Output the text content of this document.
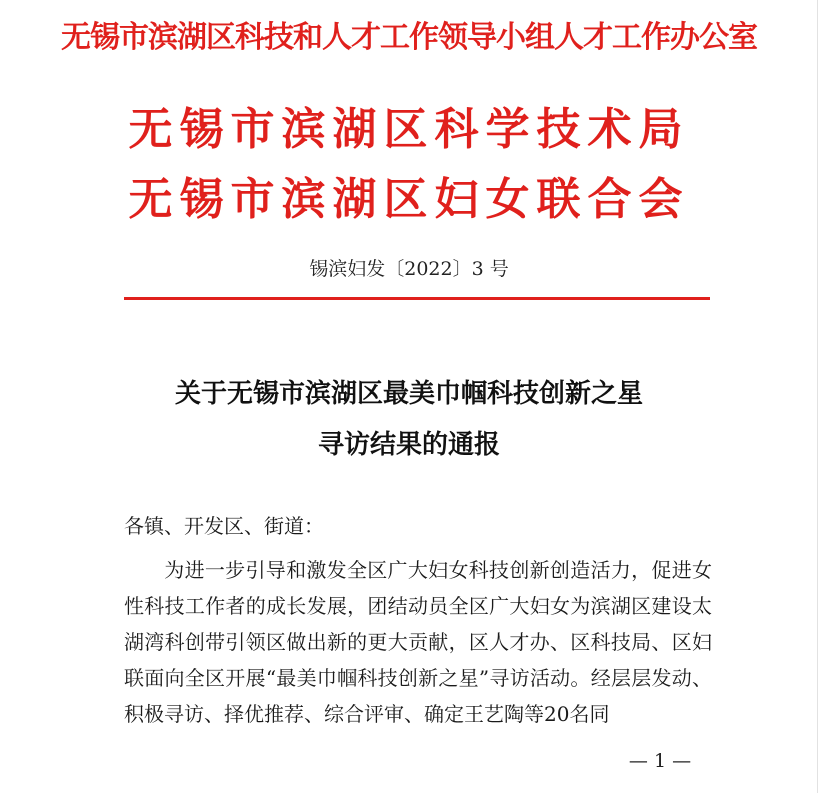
无锡市滨湖区科技和人才工作领导小组人才工作办公室
无锡市滨湖区科学技术局
无锡市滨湖区妇女联合会
锡滨妇发〔2022〕3 号
关于无锡市滨湖区最美巾帼科技创新之星
寻访结果的通报
各镇、开发区、街道：
为进一步引导和激发全区广大妇女科技创新创造活力，促进女性科技工作者的成长发展，团结动员全区广大妇女为滨湖区建设太湖湾科创带引领区做出新的更大贡献，区人才办、区科技局、区妇联面向全区开展“最美巾帼科技创新之星”寻访活动。经层层发动、积极寻访、择优推荐、综合评审、确定王艺陶等20名同
— 1 —
